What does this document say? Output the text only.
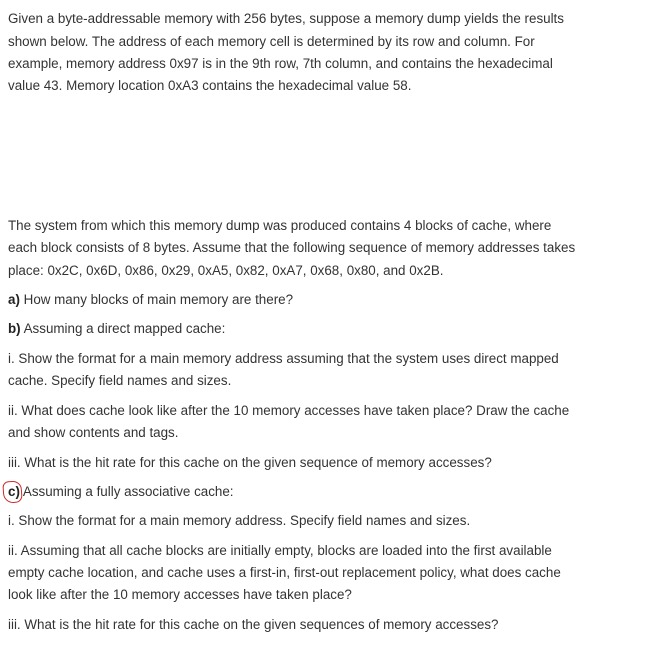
Given a byte-addressable memory with 256 bytes, suppose a memory dump yields the results
shown below. The address of each memory cell is determined by its row and column. For
example, memory address 0x97 is in the 9th row, 7th column, and contains the hexadecimal
value 43. Memory location 0xA3 contains the hexadecimal value 58.
The system from which this memory dump was produced contains 4 blocks of cache, where
each block consists of 8 bytes. Assume that the following sequence of memory addresses takes
place: 0x2C, 0x6D, 0x86, 0x29, 0xA5, 0x82, 0xA7, 0x68, 0x80, and 0x2B.
a) How many blocks of main memory are there?
b) Assuming a direct mapped cache:
i. Show the format for a main memory address assuming that the system uses direct mapped
cache. Specify field names and sizes.
ii. What does cache look like after the 10 memory accesses have taken place? Draw the cache
and show contents and tags.
iii. What is the hit rate for this cache on the given sequence of memory accesses?
c) Assuming a fully associative cache:
i. Show the format for a main memory address. Specify field names and sizes.
ii. Assuming that all cache blocks are initially empty, blocks are loaded into the first available
empty cache location, and cache uses a first-in, first-out replacement policy, what does cache
look like after the 10 memory accesses have taken place?
iii. What is the hit rate for this cache on the given sequences of memory accesses?
